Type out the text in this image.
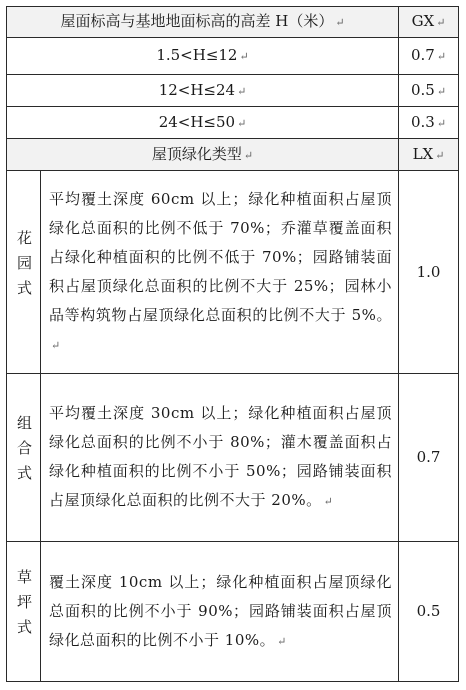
屋面标高与基地地面标高的高差 H（米） ↵		GX ↵
1.5<H≤12 ↵		0.7 ↵
12<H≤24 ↵		0.5 ↵
24<H≤50 ↵		0.3 ↵
屋顶绿化类型 ↵		LX ↵
花园式	平均覆土深度 60cm 以上；绿化种植面积占屋顶绿化总面积的比例不低于 70%；乔灌草覆盖面积占绿化种植面积的比例不低于 70%；园路铺装面积占屋顶绿化总面积的比例不大于 25%；园林小品等构筑物占屋顶绿化总面积的比例不大于 5%。↵	1.0
组合式	平均覆土深度 30cm 以上；绿化种植面积占屋顶绿化总面积的比例不小于 80%；灌木覆盖面积占绿化种植面积的比例不小于 50%；园路铺装面积占屋顶绿化总面积的比例不大于 20%。 ↵	0.7
草坪式	覆土深度 10cm 以上；绿化种植面积占屋顶绿化总面积的比例不小于 90%；园路铺装面积占屋顶绿化总面积的比例不小于 10%。 ↵	0.5
